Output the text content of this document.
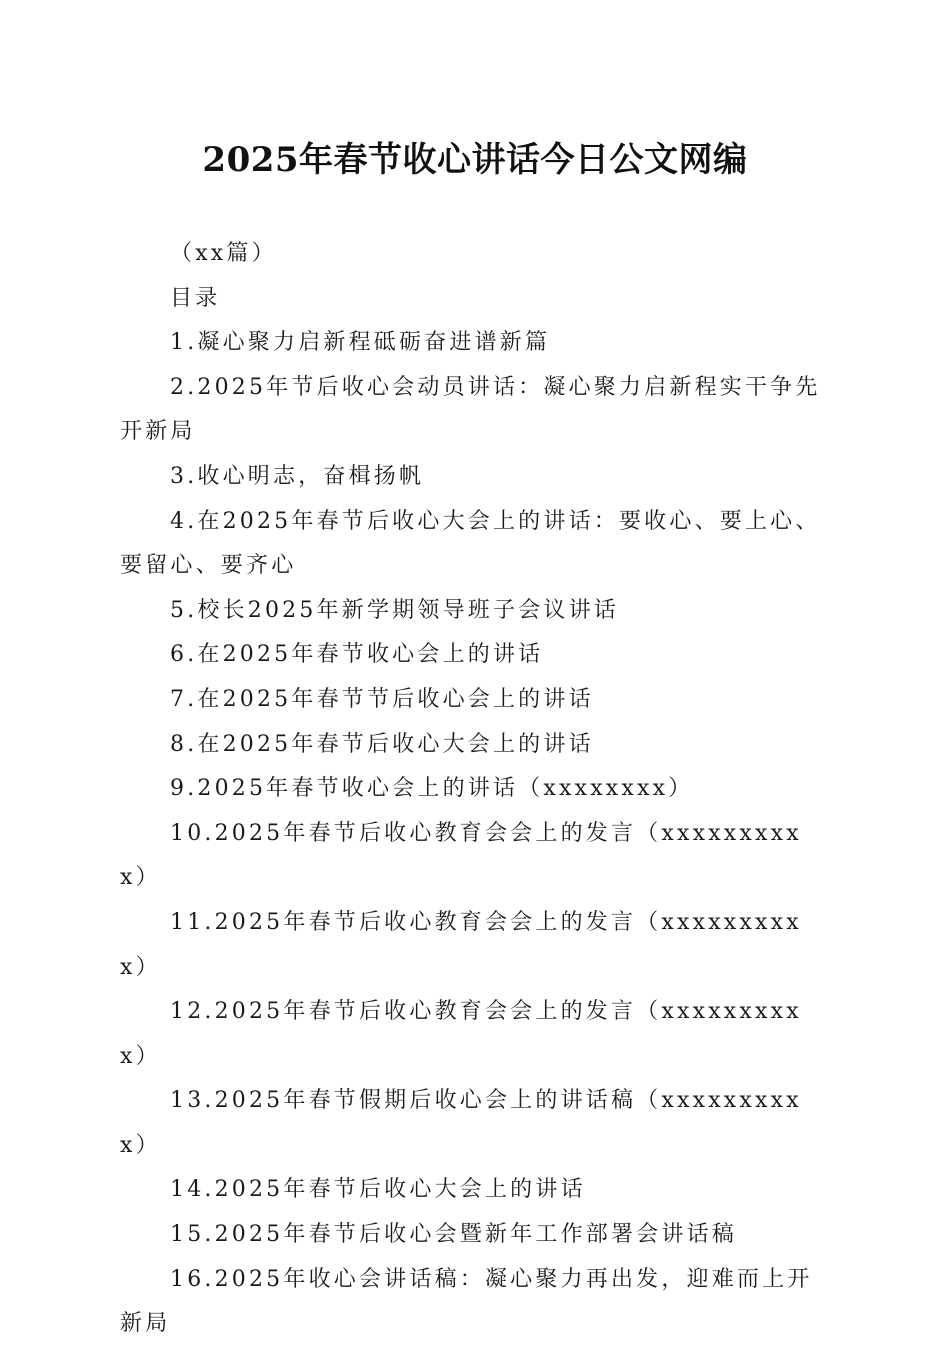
2025年春节收心讲话今日公文网编

（xx篇）

目录

1.凝心聚力启新程砥砺奋进谱新篇

2.2025年节后收心会动员讲话：凝心聚力启新程实干争先开新局

3.收心明志，奋楫扬帆

4.在2025年春节后收心大会上的讲话：要收心、要上心、要留心、要齐心

5.校长2025年新学期领导班子会议讲话

6.在2025年春节收心会上的讲话

7.在2025年春节节后收心会上的讲话

8.在2025年春节后收心大会上的讲话

9.2025年春节收心会上的讲话（xxxxxxxx）

10.2025年春节后收心教育会会上的发言（xxxxxxxxxx）

11.2025年春节后收心教育会会上的发言（xxxxxxxxxx）

12.2025年春节后收心教育会会上的发言（xxxxxxxxxx）

13.2025年春节假期后收心会上的讲话稿（xxxxxxxxxx）

14.2025年春节后收心大会上的讲话

15.2025年春节后收心会暨新年工作部署会讲话稿

16.2025年收心会讲话稿：凝心聚力再出发，迎难而上开新局
